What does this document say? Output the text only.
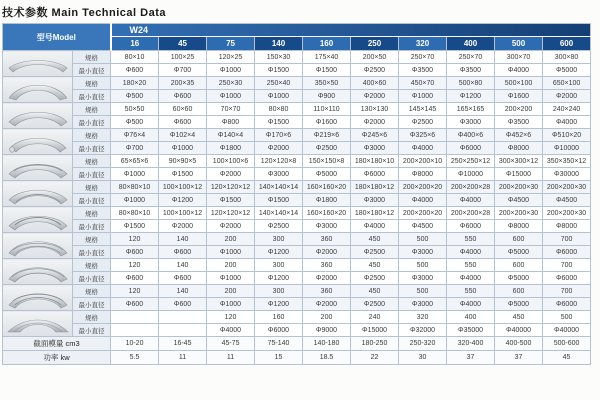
技术参数 Main Technical Data
型号Model		W24									
		16	45	75	140	160	250	320	400	500	600

	规格	80×10	100×25	120×25	150×30	175×40	200×50	250×70	250×70	300×70	300×80
	最小直径	Φ600	Φ700	Φ1000	Φ1500	Φ1500	Φ2500	Φ3500	Φ3500	Φ4000	Φ5000

	规格	180×20	200×35	250×30	250×40	350×50	400×60	450×70	500×80	500×100	650×100
	最小直径	Φ500	Φ600	Φ1000	Φ1000	Φ900	Φ2000	Φ1000	Φ1200	Φ1600	Φ2000

	规格	50×50	60×60	70×70	80×80	110×110	130×130	145×145	165×165	200×200	240×240
	最小直径	Φ500	Φ600	Φ800	Φ1500	Φ1600	Φ2000	Φ2500	Φ3000	Φ3500	Φ4000

	规格	Φ76×4	Φ102×4	Φ140×4	Φ170×6	Φ219×6	Φ245×6	Φ325×6	Φ400×6	Φ452×6	Φ510×20
	最小直径	Φ700	Φ1000	Φ1800	Φ2000	Φ2500	Φ3000	Φ4000	Φ6000	Φ8000	Φ10000

	规格	65×65×6	90×90×5	100×100×6	120×120×8	150×150×8	180×180×10	200×200×10	250×250×12	300×300×12	350×350×12
	最小直径	Φ1000	Φ1500	Φ2000	Φ3000	Φ5000	Φ6000	Φ8000	Φ10000	Φ15000	Φ30000

	规格	80×80×10	100×100×12	120×120×12	140×140×14	160×160×20	180×180×12	200×200×20	200×200×28	200×200×30	200×200×30
	最小直径	Φ1000	Φ1200	Φ1500	Φ1500	Φ1800	Φ3000	Φ4000	Φ4000	Φ4500	Φ4500

	规格	80×80×10	100×100×12	120×120×12	140×140×14	160×160×20	180×180×12	200×200×20	200×200×28	200×200×30	200×200×30
	最小直径	Φ1500	Φ2000	Φ2000	Φ2500	Φ3000	Φ4000	Φ4500	Φ6000	Φ8000	Φ8000

	规格	120	140	200	300	360	450	500	550	600	700
	最小直径	Φ600	Φ600	Φ1000	Φ1200	Φ2000	Φ2500	Φ3000	Φ4000	Φ5000	Φ6000

	规格	120	140	200	300	360	450	500	550	600	700
	最小直径	Φ600	Φ600	Φ1000	Φ1200	Φ2000	Φ2500	Φ3000	Φ4000	Φ5000	Φ6000

	规格	120	140	200	300	360	450	500	550	600	700
	最小直径	Φ600	Φ600	Φ1000	Φ1200	Φ2000	Φ2500	Φ3000	Φ4000	Φ5000	Φ6000

	规格			120	160	200	240	320	400	450	500
	最小直径			Φ4000	Φ6000	Φ9000	Φ15000	Φ32000	Φ35000	Φ40000	Φ40000
截面模量 cm3		10-20	16-45	45-75	75-140	140-180	180-250	250-320	320-400	400-500	500-600
功率 kw		5.5	11	11	15	18.5	22	30	37	37	45
